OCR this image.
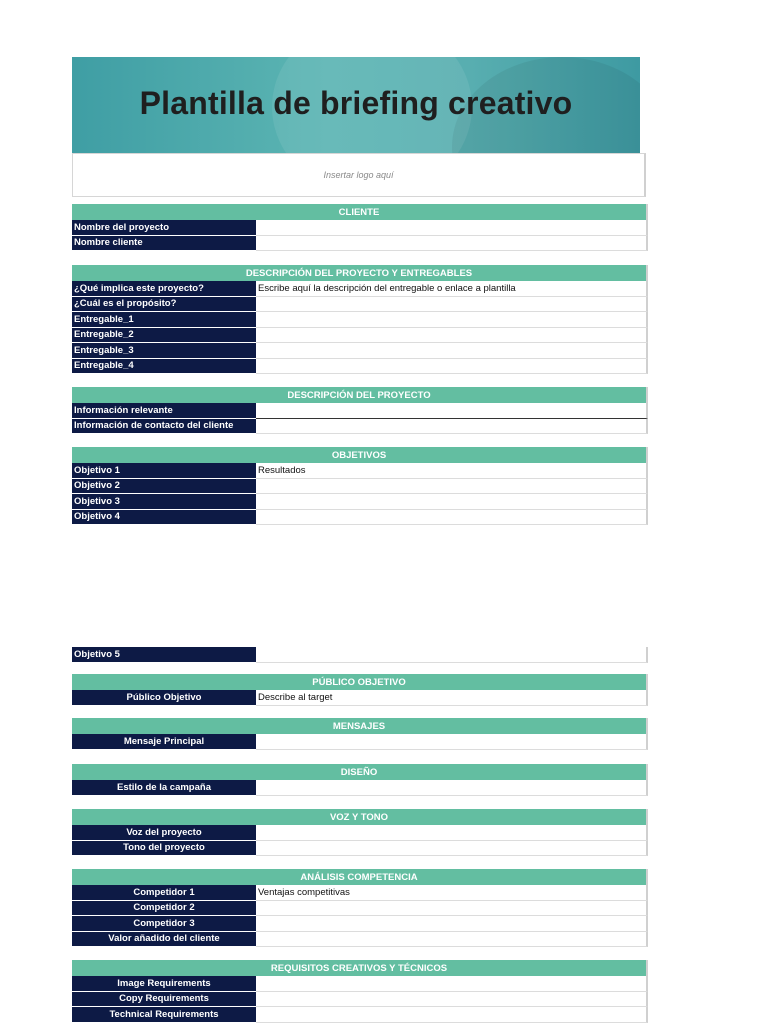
Plantilla de briefing creativo
Insertar logo aquí
CLIENTE
Nombre del proyecto
Nombre cliente
DESCRIPCIÓN DEL PROYECTO Y ENTREGABLES
¿Qué implica este proyecto?	Escribe aquí la descripción del entregable o enlace a plantilla
¿Cuál es el propósito?
Entregable_1
Entregable_2
Entregable_3
Entregable_4
DESCRIPCIÓN DEL PROYECTO
Información relevante
Información de contacto del cliente
OBJETIVOS
Objetivo 1	Resultados
Objetivo 2
Objetivo 3
Objetivo 4
Objetivo 5
PÚBLICO OBJETIVO
Público Objetivo	Describe al target
MENSAJES
Mensaje Principal
DISEÑO
Estilo de la campaña
VOZ Y TONO
Voz del proyecto
Tono del proyecto
ANÁLISIS COMPETENCIA
Competidor 1	Ventajas competitivas
Competidor 2
Competidor 3
Valor añadido del cliente
REQUISITOS CREATIVOS Y TÉCNICOS
Image Requirements
Copy Requirements
Technical Requirements
